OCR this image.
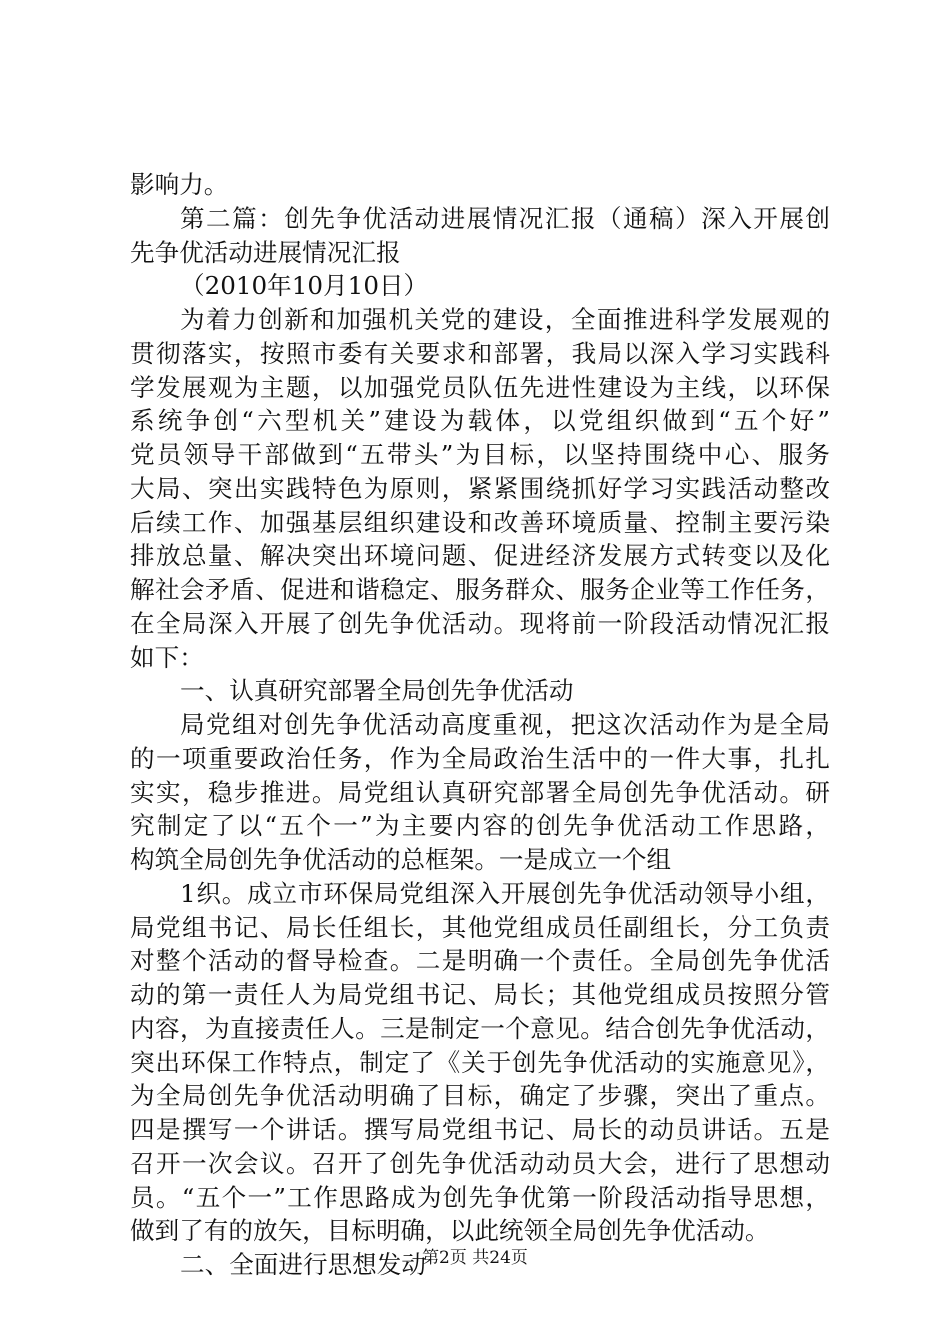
影响力。
第二篇：创先争优活动进展情况汇报（通稿）深入开展创
先争优活动进展情况汇报
（2010年10月10日）
为着力创新和加强机关党的建设，全面推进科学发展观的
贯彻落实，按照市委有关要求和部署，我局以深入学习实践科
学发展观为主题，以加强党员队伍先进性建设为主线，以环保
系统争创“六型机关”建设为载体，以党组织做到“五个好”
党员领导干部做到“五带头”为目标，以坚持围绕中心、服务
大局、突出实践特色为原则，紧紧围绕抓好学习实践活动整改
后续工作、加强基层组织建设和改善环境质量、控制主要污染
排放总量、解决突出环境问题、促进经济发展方式转变以及化
解社会矛盾、促进和谐稳定、服务群众、服务企业等工作任务，
在全局深入开展了创先争优活动。现将前一阶段活动情况汇报
如下：
一、认真研究部署全局创先争优活动
局党组对创先争优活动高度重视，把这次活动作为是全局
的一项重要政治任务，作为全局政治生活中的一件大事，扎扎
实实，稳步推进。局党组认真研究部署全局创先争优活动。研
究制定了以“五个一”为主要内容的创先争优活动工作思路，
构筑全局创先争优活动的总框架。一是成立一个组
1织。成立市环保局党组深入开展创先争优活动领导小组，
局党组书记、局长任组长，其他党组成员任副组长，分工负责
对整个活动的督导检查。二是明确一个责任。全局创先争优活
动的第一责任人为局党组书记、局长；其他党组成员按照分管
内容，为直接责任人。三是制定一个意见。结合创先争优活动，
突出环保工作特点，制定了《关于创先争优活动的实施意见》，
为全局创先争优活动明确了目标，确定了步骤，突出了重点。
四是撰写一个讲话。撰写局党组书记、局长的动员讲话。五是
召开一次会议。召开了创先争优活动动员大会，进行了思想动
员。“五个一”工作思路成为创先争优第一阶段活动指导思想，
做到了有的放矢，目标明确，以此统领全局创先争优活动。
二、全面进行思想发动
第2页 共24页
